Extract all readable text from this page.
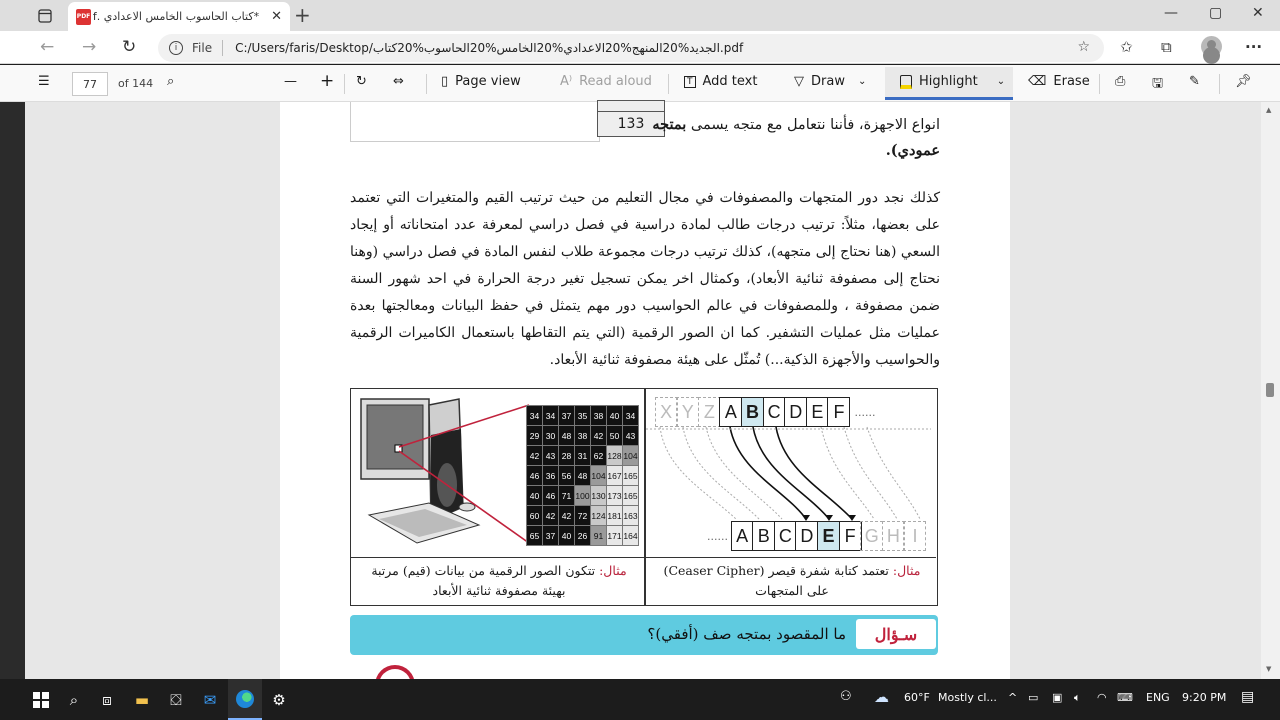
PDF *كتاب الحاسوب الخامس الاعدادي .f ✕ +	— ▢ ✕
← → ↻	i	File C:/Users/faris/Desktop/الجديد%20المنهج%20الاعدادي%20الخامس%20الحاسوب%20كتاب.pdf	☆ ✩ ⧉	···
☰	77	of 144 ⌕	— + ↻ ⇔	▯ Page view	A⁾ Read aloud	T Add text	▽ Draw ⌄	Highlight ⌄ ⌫ Erase ⎙ 🖫 ✎	📌︎
133	انواع الاجهزة، فأننا نتعامل مع متجه يسمى بمتجه
عمودي).
كذلك نجد دور المتجهات والمصفوفات في مجال التعليم من حيث ترتيب القيم والمتغيرات التي تعتمد على بعضها، مثلاً: ترتيب درجات طالب لمادة دراسية في فصل دراسي لمعرفة عدد امتحاناته أو إيجاد السعي (هنا نحتاج إلى متجهه)، كذلك ترتيب درجات مجموعة طلاب لنفس المادة في فصل دراسي (وهنا نحتاج إلى مصفوفة ثنائية الأبعاد)، وكمثال اخر يمكن تسجيل تغير درجة الحرارة في احد شهور السنة ضمن مصفوفة ، وللمصفوفات في عالم الحواسيب دور مهم يتمثل في حفظ البيانات ومعالجتها بعدة عمليات مثل عمليات التشفير. كما ان الصور الرقمية (التي يتم التقاطها باستعمال الكاميرات الرقمية والحواسيب والأجهزة الذكية...) تُمثّل على هيئة مصفوفة ثنائية الأبعاد.
34	34	37	35	38	40	34
29	30	48	38	42	50	43
42	43	28	31	62	128	104
46	36	56	48	104	167	165
40	46	71	100	130	173	165
60	42	42	72	124	181	163
65	37	40	26	91	171	164
X Y Z A B C D E F ......
...... A B C D E F G H I
مثال: تعتمد كتابة شفرة قيصر (Ceaser Cipher) على المتجهات
مثال: تتكون الصور الرقمية من بيانات (قيم) مرتبة بهيئة مصفوفة ثنائية الأبعاد
سـؤال
ما المقصود بمتجه صف (أفقي)؟
▲
▼
⌕ ⧈ ▬ ⛋ ✉	⚙	⚇ ☁ 60°F Mostly cl... ^ ▭ ▣ 🔈︎ ◠ ⌨ ENG 9:20 PM ▤
